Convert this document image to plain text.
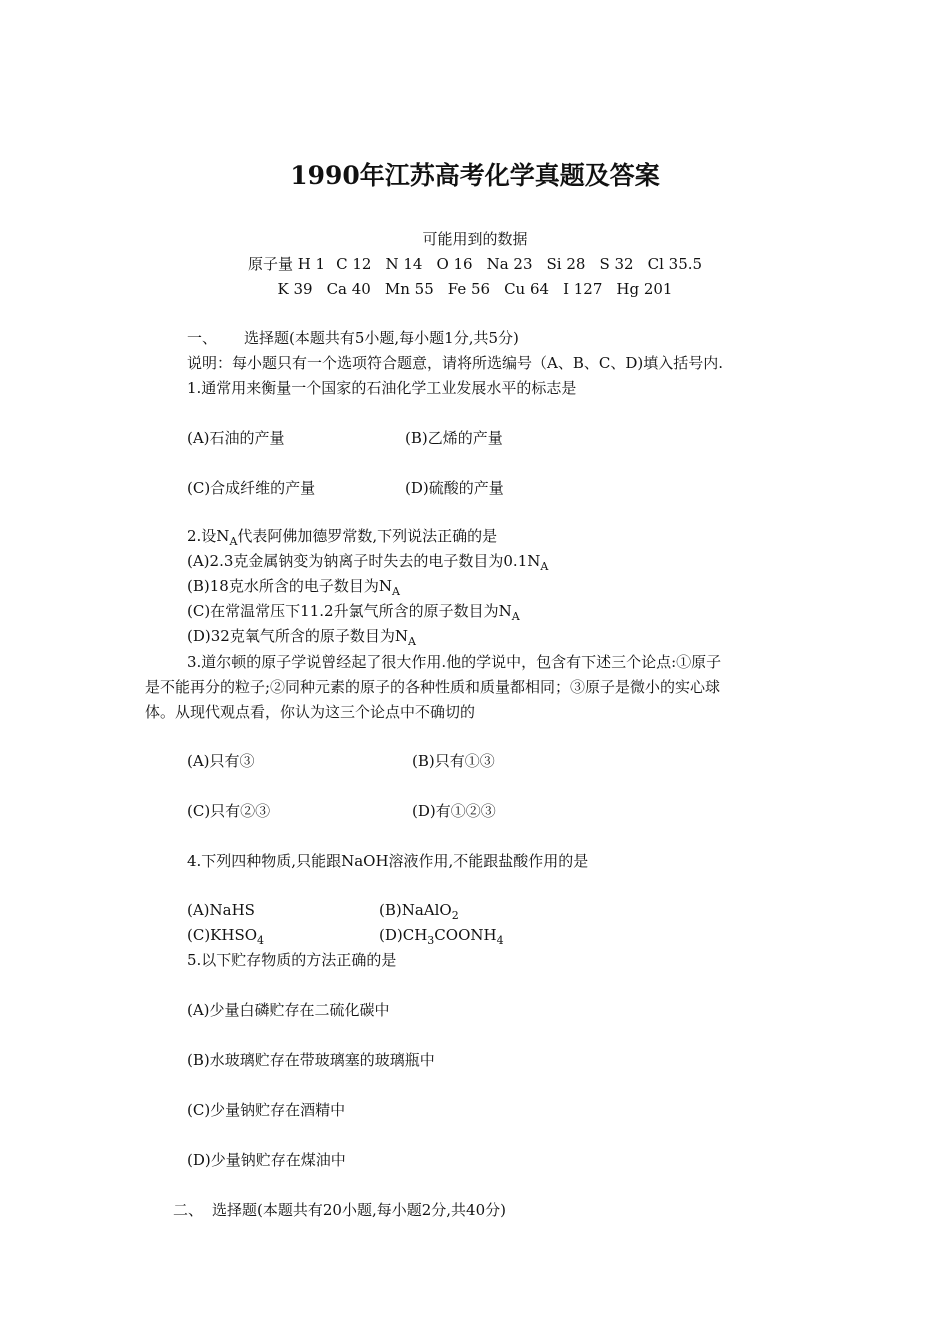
1990年江苏高考化学真题及答案
可能用到的数据
原子量 H 1 C 12 N 14 O 16 Na 23 Si 28 S 32 Cl 35.5
K 39 Ca 40 Mn 55 Fe 56 Cu 64 I 127 Hg 201
一、 选择题(本题共有5小题,每小题1分,共5分)
说明：每小题只有一个选项符合题意，请将所选编号（A、B、C、D)填入括号内.
1.通常用来衡量一个国家的石油化学工业发展水平的标志是
(A)石油的产量	(B)乙烯的产量
(C)合成纤维的产量	(D)硫酸的产量
2.设$N_A$代表阿佛加德罗常数,下列说法正确的是
(A)2.3克金属钠变为钠离子时失去的电子数目为$0.1N_A$
(B)18克水所含的电子数目为$N_A$
(C)在常温常压下11.2升氯气所含的原子数目为$N_A$
(D)32克氧气所含的原子数目为$N_A$
3.道尔顿的原子学说曾经起了很大作用.他的学说中，包含有下述三个论点:①原子
是不能再分的粒子;②同种元素的原子的各种性质和质量都相同；③原子是微小的实心球
体。从现代观点看，你认为这三个论点中不确切的
(A)只有③	(B)只有①③
(C)只有②③	(D)有①②③
4.下列四种物质,只能跟NaOH溶液作用,不能跟盐酸作用的是
(A)NaHS	(B)NaAlO$_2$
$(C)KHSO_4$	$(D)CH_3COONH_4$
5.以下贮存物质的方法正确的是
(A)少量白磷贮存在二硫化碳中
(B)水玻璃贮存在带玻璃塞的玻璃瓶中
(C)少量钠贮存在酒精中
(D)少量钠贮存在煤油中
二、 选择题(本题共有20小题,每小题2分,共40分)
